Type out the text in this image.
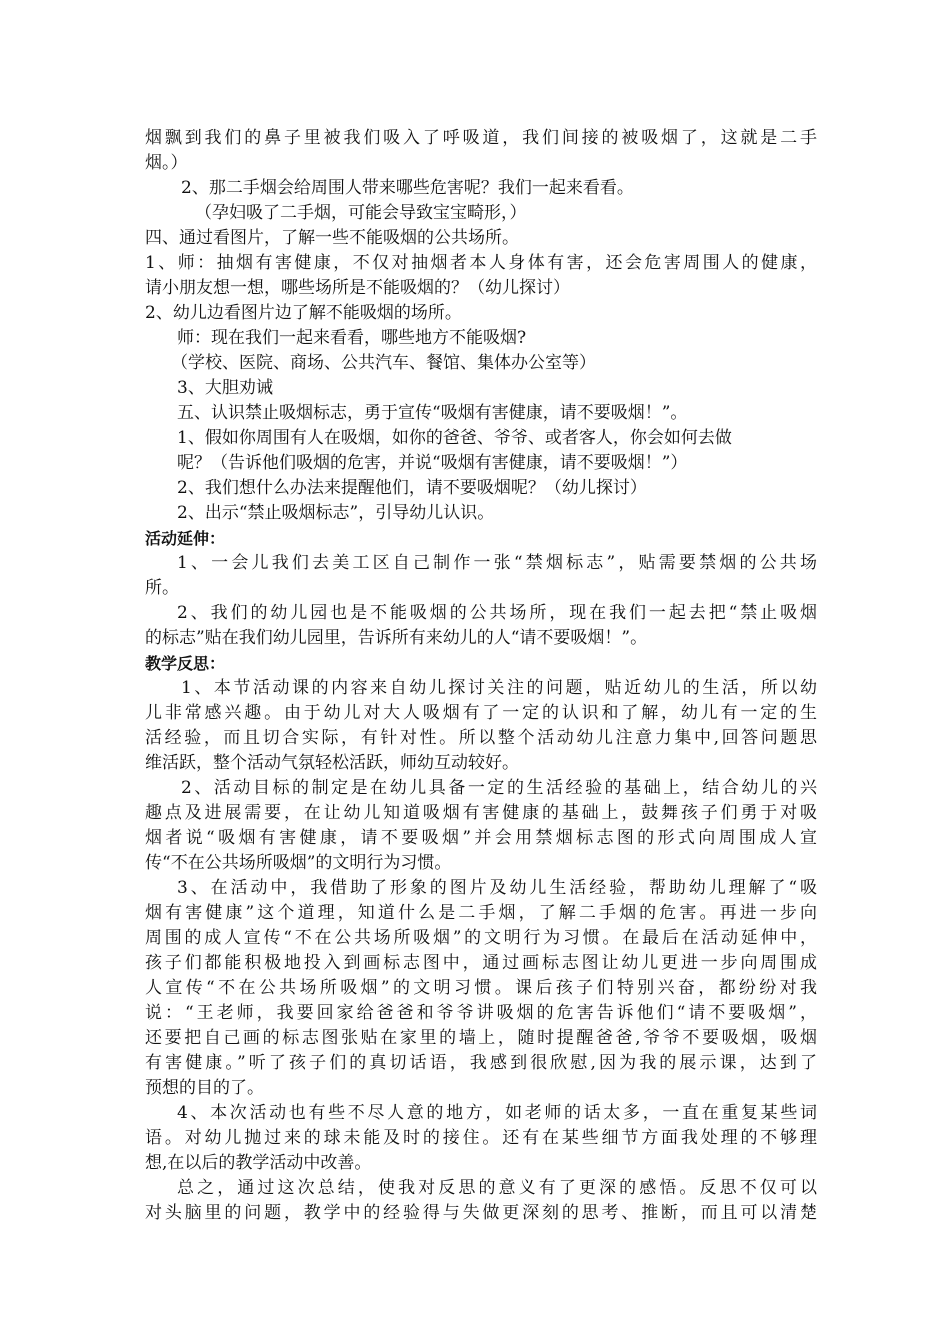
烟飘到我们的鼻子里被我们吸入了呼吸道，我们间接的被吸烟了，这就是二手
烟。）
2、那二手烟会给周围人带来哪些危害呢？我们一起来看看。
（孕妇吸了二手烟，可能会导致宝宝畸形，）
四、通过看图片，了解一些不能吸烟的公共场所。
1、师：抽烟有害健康，不仅对抽烟者本人身体有害，还会危害周围人的健康，
请小朋友想一想，哪些场所是不能吸烟的？（幼儿探讨）
2、幼儿边看图片边了解不能吸烟的场所。
师：现在我们一起来看看，哪些地方不能吸烟?
（学校、医院、商场、公共汽车、餐馆、集体办公室等）
3、大胆劝诫
五、认识禁止吸烟标志，勇于宣传“吸烟有害健康，请不要吸烟！”。
1、假如你周围有人在吸烟，如你的爸爸、爷爷、或者客人，你会如何去做
呢？（告诉他们吸烟的危害，并说“吸烟有害健康，请不要吸烟！”）
2、我们想什么办法来提醒他们，请不要吸烟呢？（幼儿探讨）
2、出示“禁止吸烟标志”，引导幼儿认识。
活动延伸：
1、一会儿我们去美工区自己制作一张“禁烟标志”，贴需要禁烟的公共场
所。
2、我们的幼儿园也是不能吸烟的公共场所，现在我们一起去把“禁止吸烟
的标志”贴在我们幼儿园里，告诉所有来幼儿的人“请不要吸烟！”。
教学反思：
1、本节活动课的内容来自幼儿探讨关注的问题，贴近幼儿的生活，所以幼
儿非常感兴趣。由于幼儿对大人吸烟有了一定的认识和了解，幼儿有一定的生
活经验，而且切合实际，有针对性。所以整个活动幼儿注意力集中,回答问题思
维活跃，整个活动气氛轻松活跃，师幼互动较好。
2、活动目标的制定是在幼儿具备一定的生活经验的基础上，结合幼儿的兴
趣点及进展需要，在让幼儿知道吸烟有害健康的基础上，鼓舞孩子们勇于对吸
烟者说“吸烟有害健康，请不要吸烟”并会用禁烟标志图的形式向周围成人宣
传“不在公共场所吸烟”的文明行为习惯。
3、在活动中，我借助了形象的图片及幼儿生活经验，帮助幼儿理解了“吸
烟有害健康”这个道理，知道什么是二手烟，了解二手烟的危害。再进一步向
周围的成人宣传“不在公共场所吸烟”的文明行为习惯。在最后在活动延伸中，
孩子们都能积极地投入到画标志图中，通过画标志图让幼儿更进一步向周围成
人宣传“不在公共场所吸烟”的文明习惯。课后孩子们特别兴奋，都纷纷对我
说：“王老师，我要回家给爸爸和爷爷讲吸烟的危害告诉他们“请不要吸烟”，
还要把自己画的标志图张贴在家里的墙上，随时提醒爸爸,爷爷不要吸烟，吸烟
有害健康。”听了孩子们的真切话语，我感到很欣慰,因为我的展示课，达到了
预想的目的了。
4、本次活动也有些不尽人意的地方，如老师的话太多，一直在重复某些词
语。对幼儿抛过来的球未能及时的接住。还有在某些细节方面我处理的不够理
想,在以后的教学活动中改善。
总之，通过这次总结，使我对反思的意义有了更深的感悟。反思不仅可以
对头脑里的问题，教学中的经验得与失做更深刻的思考、推断，而且可以清楚
